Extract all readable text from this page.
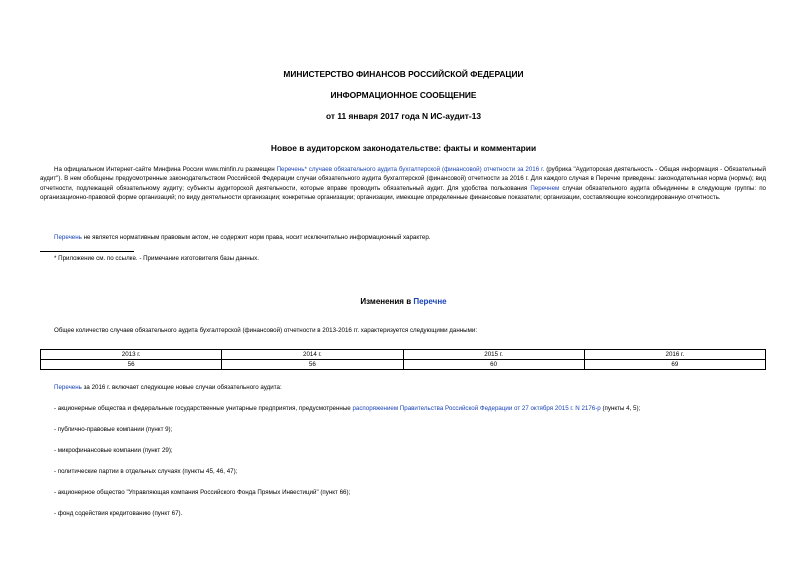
МИНИСТЕРСТВО ФИНАНСОВ РОССИЙСКОЙ ФЕДЕРАЦИИ
ИНФОРМАЦИОННОЕ СООБЩЕНИЕ
от 11 января 2017 года N ИС-аудит-13
Новое в аудиторском законодательстве: факты и комментарии
На официальном Интернет-сайте Минфина России www.minfin.ru размещен Перечень* случаев обязательного аудита бухгалтерской (финансовой) отчетности за 2016 г. (рубрика "Аудиторская деятельность - Общая информация - Обязательный аудит"). В нем обобщены предусмотренные законодательством Российской Федерации случаи обязательного аудита бухгалтерской (финансовой) отчетности за 2016 г. Для каждого случая в Перечне приведены: законодательная норма (нормы); вид отчетности, подлежащей обязательному аудиту; субъекты аудиторской деятельности, которые вправе проводить обязательный аудит. Для удобства пользования Перечнем случаи обязательного аудита объединены в следующие группы: по организационно-правовой форме организаций; по виду деятельности организации; конкретные организации; организации, имеющие определенные финансовые показатели; организации, составляющие консолидированную отчетность.
Перечень не является нормативным правовым актом, не содержит норм права, носит исключительно информационный характер.
* Приложение см. по ссылке. - Примечание изготовителя базы данных.
Изменения в Перечне
Общее количество случаев обязательного аудита бухгалтерской (финансовой) отчетности в 2013-2016 гг. характеризуется следующими данными:
2013 г.	2014 г.	2015 г.	2016 г.
56	56	60	69
Перечень за 2016 г. включает следующие новые случаи обязательного аудита:
- акционерные общества и федеральные государственные унитарные предприятия, предусмотренные распоряжением Правительства Российской Федерации от 27 октября 2015 г. N 2176-р (пункты 4, 5);
- публично-правовые компании (пункт 9);
- микрофинансовые компании (пункт 29);
- политические партии в отдельных случаях (пункты 45, 46, 47);
- акционерное общество "Управляющая компания Российского Фонда Прямых Инвестиций" (пункт 66);
- фонд содействия кредитованию (пункт 67).
